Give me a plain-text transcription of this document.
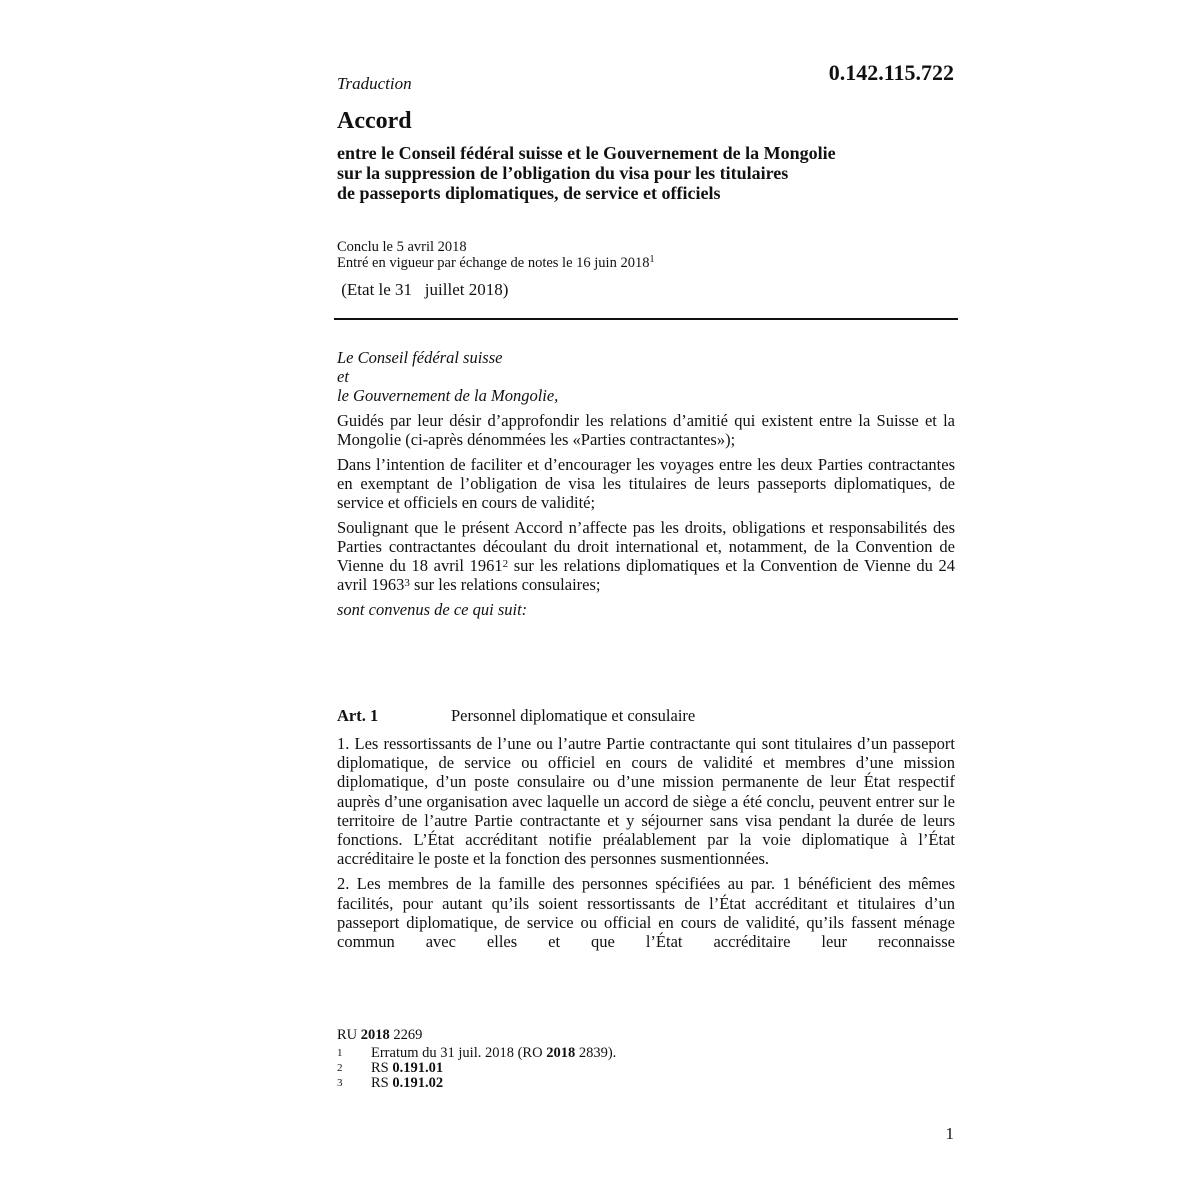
Traduction	0.142.115.722
Accord
entre le Conseil fédéral suisse et le Gouvernement de la Mongolie
sur la suppression de l’obligation du visa pour les titulaires
de passeports diplomatiques, de service et officiels
Conclu le 5 avril 2018
Entré en vigueur par échange de notes le 16 juin 2018$^1$
(Etat le 31   juillet 2018)
Le Conseil fédéral suisse
et
le Gouvernement de la Mongolie,

Guidés par leur désir d’approfondir les relations d’amitié qui existent entre la Suisse et la Mongolie (ci-après dénommées les «Parties contractantes»);

Dans l’intention de faciliter et d’encourager les voyages entre les deux Parties contractantes en exemptant de l’obligation de visa les titulaires de leurs passeports diplomatiques, de service et officiels en cours de validité;

Soulignant que le présent Accord n’affecte pas les droits, obligations et responsabilités des Parties contractantes découlant du droit international et, notamment, de la Convention de Vienne du 18 avril 1961$^2$ sur les relations diplomatiques et la Convention de Vienne du 24 avril 1963$^3$ sur les relations consulaires;

sont convenus de ce qui suit:

Art. 1	Personnel diplomatique et consulaire

1. Les ressortissants de l’une ou l’autre Partie contractante qui sont titulaires d’un passeport diplomatique, de service ou officiel en cours de validité et membres d’une mission diplomatique, d’un poste consulaire ou d’une mission permanente de leur État respectif auprès d’une organisation avec laquelle un accord de siège a été conclu, peuvent entrer sur le territoire de l’autre Partie contractante et y séjourner sans visa pendant la durée de leurs fonctions. L’État accréditant notifie préalablement par la voie diplomatique à l’État accréditaire le poste et la fonction des personnes susmentionnées.

2. Les membres de la famille des personnes spécifiées au par. 1 bénéficient des mêmes facilités, pour autant qu’ils soient ressortissants de l’État accréditant et titulaires d’un passeport diplomatique, de service ou official en cours de validité, qu’ils fassent ménage commun avec elles et que l’État accréditaire leur reconnaisse

RU 2018 2269
1	Erratum du 31 juil. 2018 (RO 2018 2839).
2	RS 0.191.01
3	RS 0.191.02
1
